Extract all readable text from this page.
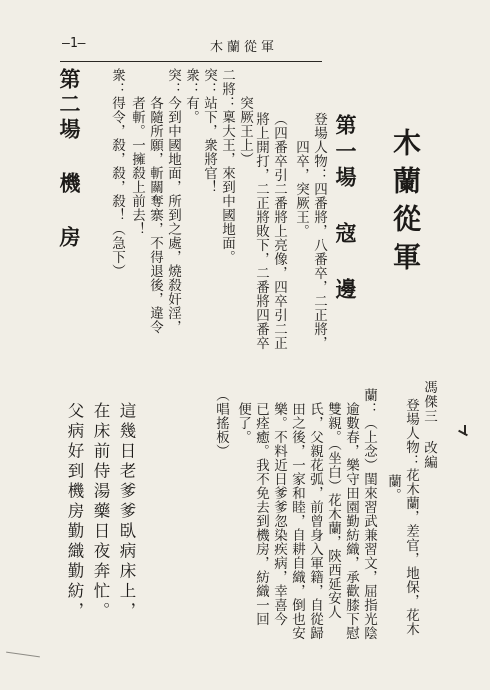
—1—	木蘭從軍
木蘭從軍
第一場 寇 邊
登場人物：四番將，八番卒，二正將，
四卒，突厥王。
（四番卒引二番將上亮像，四卒引二正
將上開打，二正將敗下，二番將四番卒
突厥王上）
二將：稟大王，來到中國地面。
突：站下，衆將官！
衆：有。
突：今到中國地面，所到之處，燒殺奸淫，
各隨所願，斬關奪寨，不得退後，違令
者斬。一擁殺上前去！
衆：得令，殺，殺，殺！（急下）
第二場 機 房
馮傑三 改編
登場人物：花木蘭，差官，地保，花木
蘭。
蘭：（上念）閨來習武兼習文，屈指光陰
逾數春，樂守田園勤紡織，承歡膝下慰
雙親。（坐白）花木蘭，陝西延安人
氏，父親花弧，前曾身入軍籍，自從歸
田之後，一家和睦，自耕自織，倒也安
樂。不料近日爹爹忽染疾病，幸喜今
已痊癒。我不免去到機房，紡織一回
便了。
（唱搖板）
這幾日老爹爹臥病床上，
在床前侍湯藥日夜奔忙。
父病好到機房勤織勤紡，
